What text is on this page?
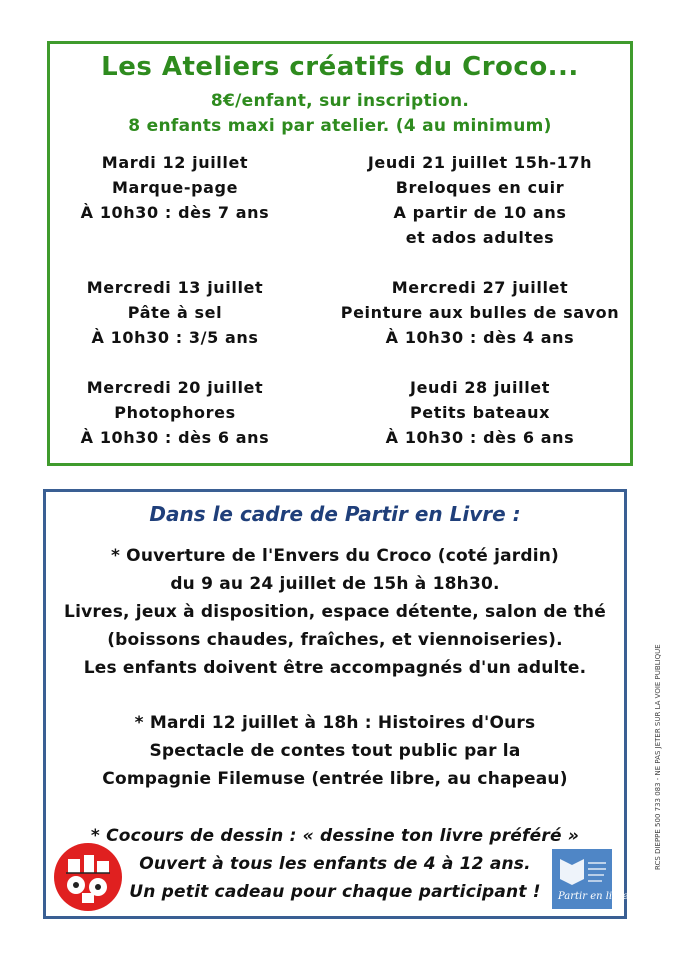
Les Ateliers créatifs du Croco...
8€/enfant, sur inscription.
8 enfants maxi par atelier. (4 au minimum)
Mardi 12 juillet
Marque-page
À 10h30 : dès 7 ans
Mercredi 13 juillet
Pâte à sel
À 10h30 : 3/5 ans
Mercredi 20 juillet
Photophores
À 10h30 : dès 6 ans
Jeudi 21 juillet 15h-17h
Breloques en cuir
A partir de 10 ans
et ados adultes
Mercredi 27 juillet
Peinture aux bulles de savon
À 10h30 : dès 4 ans
Jeudi 28 juillet
Petits bateaux
À 10h30 : dès 6 ans
Dans le cadre de Partir en Livre :
* Ouverture de l'Envers du Croco (coté jardin)
du 9 au 24 juillet de 15h à 18h30.
Livres, jeux à disposition, espace détente, salon de thé
(boissons chaudes, fraîches, et viennoiseries).
Les enfants doivent être accompagnés d'un adulte.
* Mardi 12 juillet à 18h : Histoires d'Ours
Spectacle de contes tout public par la
Compagnie Filemuse (entrée libre, au chapeau)
* Cocours de dessin : « dessine ton livre préféré »
Ouvert à tous les enfants de 4 à 12 ans.
Un petit cadeau pour chaque participant !	Partir en livre
RCS DIEPPE 500 733 083 - NE PAS JETER SUR LA VOIE PUBLIQUE
